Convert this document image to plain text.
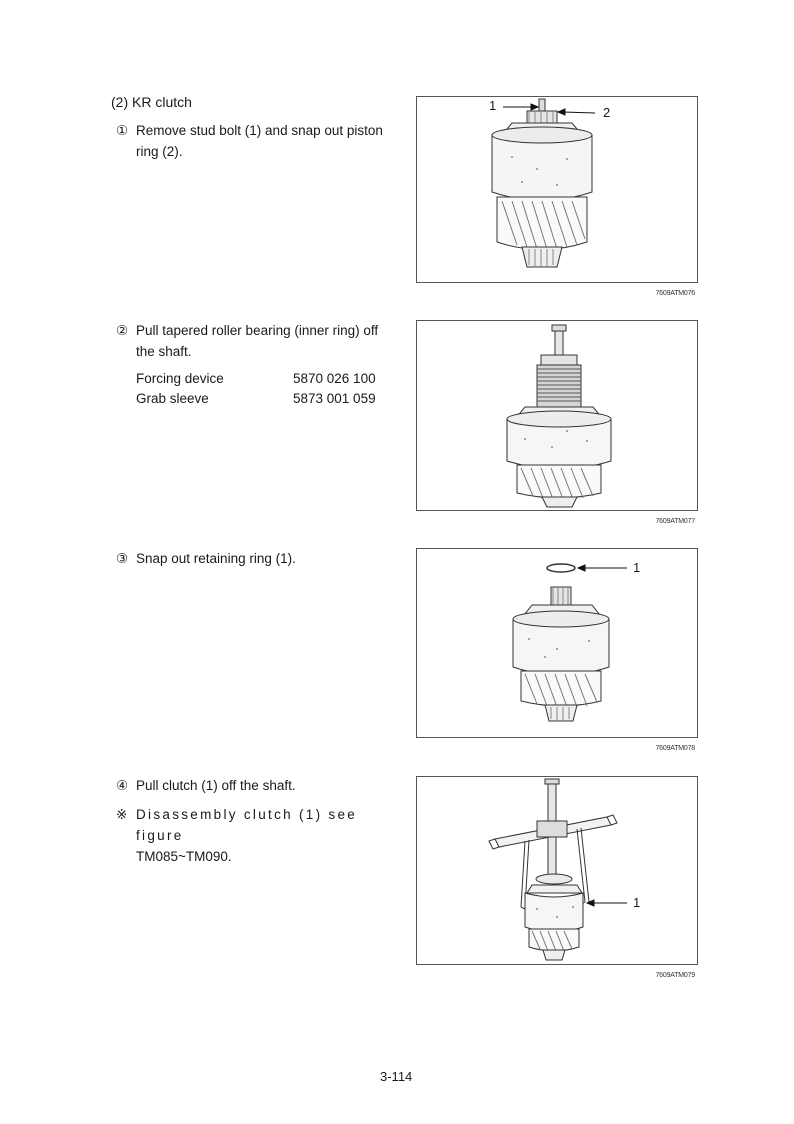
(2) KR clutch
① Remove stud bolt (1) and snap out piston ring (2).
② Pull tapered roller bearing (inner ring) off the shaft.
Forcing device	5870 026 100
Grab sleeve	5873 001 059
③ Snap out retaining ring (1).
④ Pull clutch (1) off the shaft.
※ Disassembly clutch (1) see figure
TM085~TM090.
1	2
7609ATM076
7609ATM077
1
7609ATM078
1
7609ATM079
3-114
